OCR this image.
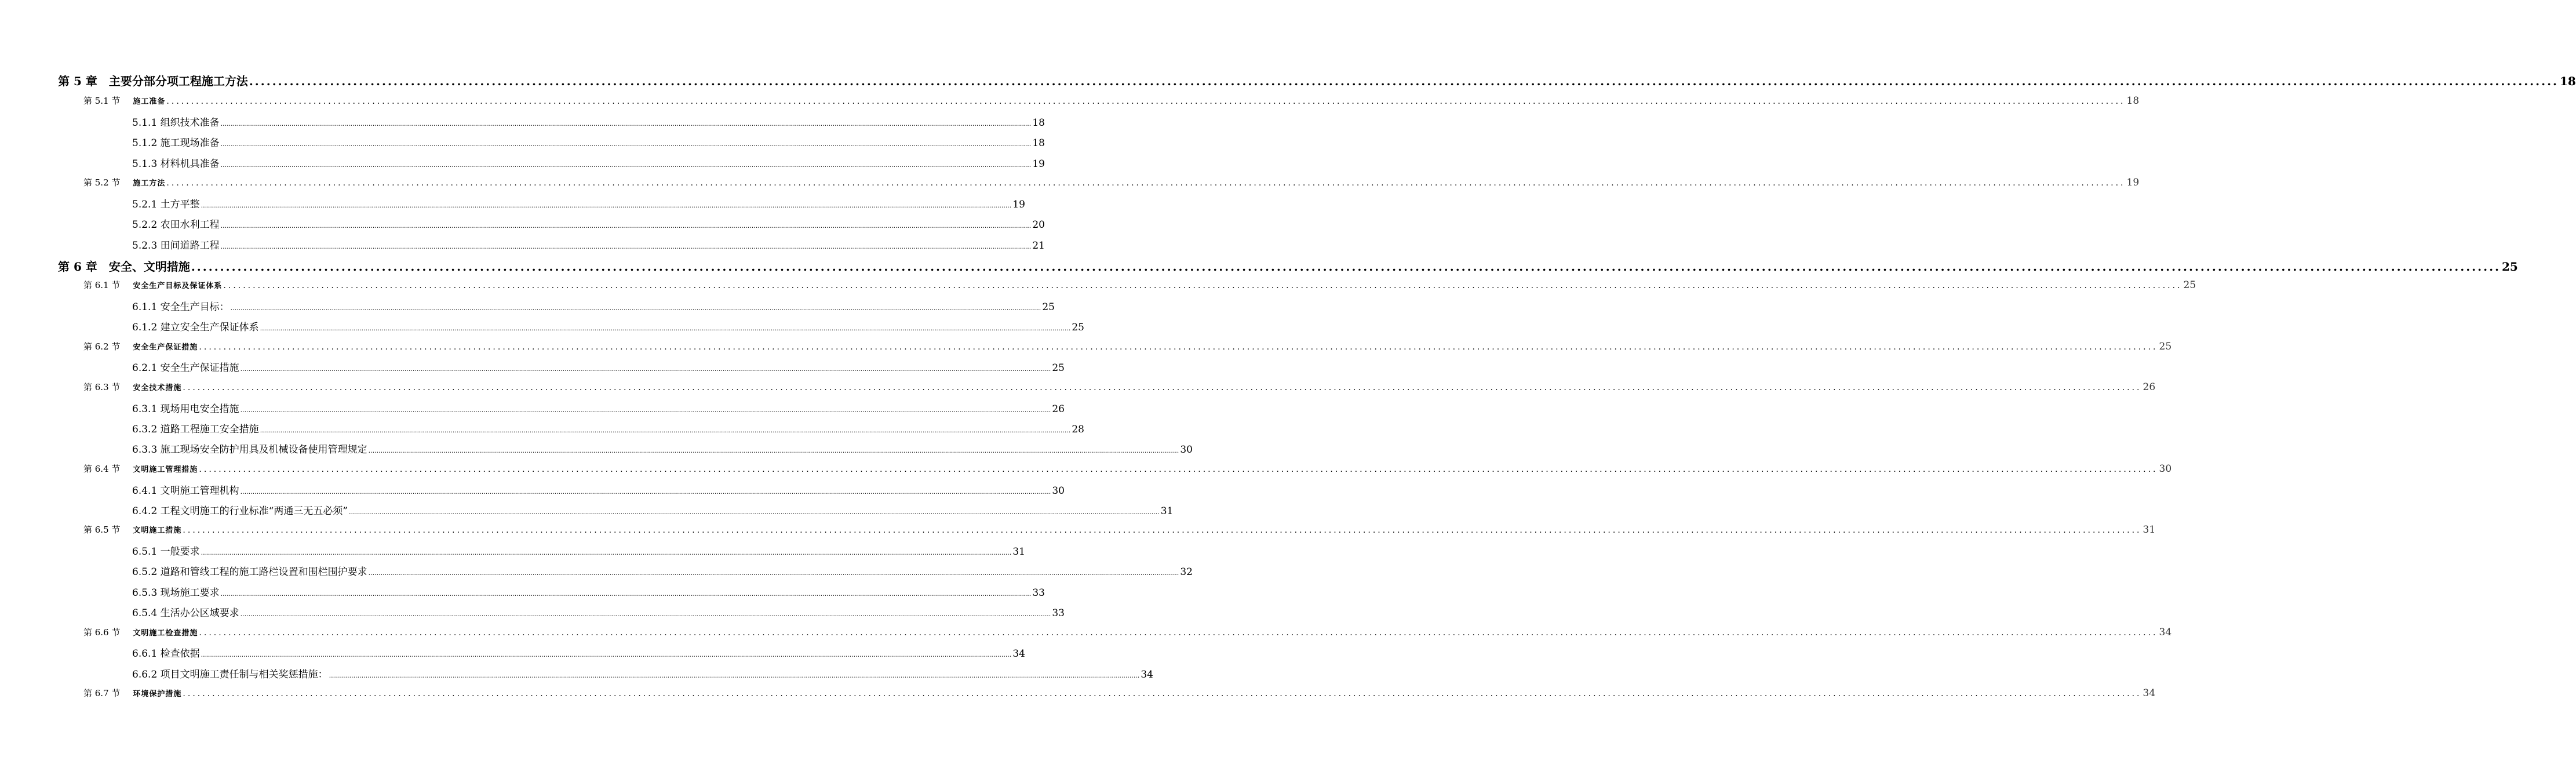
第 5 章　主要分部分项工程施工方法 ................................................................................................................................................................................................................................................................................................................................................................................................................ 18
第 5.1 节 施工准备 ................................................................................................................................................................................................................................................................................................................................................................................................................ 18
5.1.1 组织技术准备 ................................................................................................................................................................................................................................................................................................................................................................................................................ 18
5.1.2 施工现场准备 ................................................................................................................................................................................................................................................................................................................................................................................................................ 18
5.1.3 材料机具准备 ................................................................................................................................................................................................................................................................................................................................................................................................................ 19
第 5.2 节 施工方法 ................................................................................................................................................................................................................................................................................................................................................................................................................ 19
5.2.1 土方平整 ................................................................................................................................................................................................................................................................................................................................................................................................................ 19
5.2.2 农田水利工程 ................................................................................................................................................................................................................................................................................................................................................................................................................ 20
5.2.3 田间道路工程 ................................................................................................................................................................................................................................................................................................................................................................................................................ 21
第 6 章　安全、文明措施 ................................................................................................................................................................................................................................................................................................................................................................................................................ 25
第 6.1 节 安全生产目标及保证体系 ................................................................................................................................................................................................................................................................................................................................................................................................................ 25
6.1.1 安全生产目标： ................................................................................................................................................................................................................................................................................................................................................................................................................ 25
6.1.2 建立安全生产保证体系 ................................................................................................................................................................................................................................................................................................................................................................................................................ 25
第 6.2 节 安全生产保证措施 ................................................................................................................................................................................................................................................................................................................................................................................................................ 25
6.2.1 安全生产保证措施 ................................................................................................................................................................................................................................................................................................................................................................................................................ 25
第 6.3 节 安全技术措施 ................................................................................................................................................................................................................................................................................................................................................................................................................ 26
6.3.1 现场用电安全措施 ................................................................................................................................................................................................................................................................................................................................................................................................................ 26
6.3.2 道路工程施工安全措施 ................................................................................................................................................................................................................................................................................................................................................................................................................ 28
6.3.3 施工现场安全防护用具及机械设备使用管理规定 ................................................................................................................................................................................................................................................................................................................................................................................................................ 30
第 6.4 节 文明施工管理措施 ................................................................................................................................................................................................................................................................................................................................................................................................................ 30
6.4.1 文明施工管理机构 ................................................................................................................................................................................................................................................................................................................................................................................................................ 30
6.4.2 工程文明施工的行业标准“两通三无五必须” ................................................................................................................................................................................................................................................................................................................................................................................................................ 31
第 6.5 节 文明施工措施 ................................................................................................................................................................................................................................................................................................................................................................................................................ 31
6.5.1 一般要求 ................................................................................................................................................................................................................................................................................................................................................................................................................ 31
6.5.2 道路和管线工程的施工路栏设置和围栏围护要求 ................................................................................................................................................................................................................................................................................................................................................................................................................ 32
6.5.3 现场施工要求 ................................................................................................................................................................................................................................................................................................................................................................................................................ 33
6.5.4 生活办公区域要求 ................................................................................................................................................................................................................................................................................................................................................................................................................ 33
第 6.6 节 文明施工检查措施 ................................................................................................................................................................................................................................................................................................................................................................................................................ 34
6.6.1 检查依据 ................................................................................................................................................................................................................................................................................................................................................................................................................ 34
6.6.2 项目文明施工责任制与相关奖惩措施： ................................................................................................................................................................................................................................................................................................................................................................................................................ 34
第 6.7 节 环境保护措施 ................................................................................................................................................................................................................................................................................................................................................................................................................ 34
